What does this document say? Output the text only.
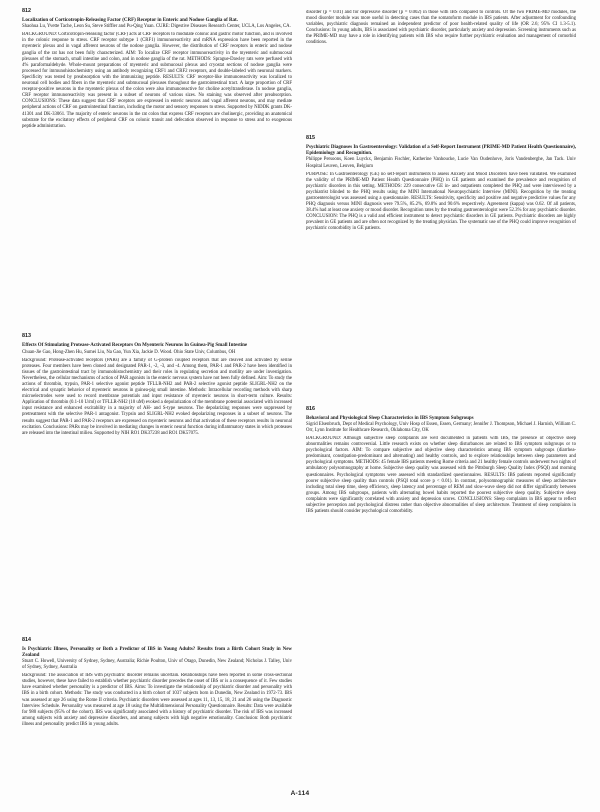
812
Localization of Corticotropin-Releasing Factor (CRF) Receptor in Enteric and Nodose Ganglia of Rat.
Shaohua Lu, Yvette Tache, Leon Su, Steve Stiffler and Pu-Qing Yuan. CURE: Digestive Diseases Research Center, UCLA, Los Angeles, CA.
BACKGROUND: Corticotropin-releasing factor (CRF) acts at CRF receptors to modulate colonic and gastric motor function, and is involved in the colonic response to stress. CRF receptor subtype 1 (CRF1) immunoreactivity and mRNA expression have been reported in the myenteric plexus and in vagal afferent neurons of the nodose ganglia. However, the distribution of CRF receptors in enteric and nodose ganglia of the rat has not been fully characterized. AIM: To localize CRF receptor immunoreactivity in the myenteric and submucosal plexuses of the stomach, small intestine and colon, and in nodose ganglia of the rat. METHODS: Sprague-Dawley rats were perfused with 4% paraformaldehyde. Whole-mount preparations of myenteric and submucosal plexus and cryostat sections of nodose ganglia were processed for immunohistochemistry using an antibody recognizing CRF1 and CRF2 receptors, and double-labeled with neuronal markers. Specificity was tested by preabsorption with the immunizing peptide. RESULTS: CRF receptor-like immunoreactivity was localized to neuronal cell bodies and fibers in the myenteric and submucosal plexuses throughout the gastrointestinal tract. A large proportion of CRF receptor-positive neurons in the myenteric plexus of the colon were also immunoreactive for choline acetyltransferase. In nodose ganglia, CRF receptor immunoreactivity was present in a subset of neurons of various sizes. No staining was observed after preabsorption. CONCLUSIONS: These data suggest that CRF receptors are expressed in enteric neurons and vagal afferent neurons, and may mediate peripheral actions of CRF on gastrointestinal function, including the motor and sensory responses to stress. Supported by NIDDK grants DK-41301 and DK-33061. The majority of enteric neurons in the rat colon that express CRF receptors are cholinergic, providing an anatomical substrate for the excitatory effects of peripheral CRF on colonic transit and defecation observed in response to stress and to exogenous peptide administration.
813
Effects Of Stimulating Protease-Activated Receptors On Myenteric Neurons In Guinea-Pig Small Intestine
Chuan-Jie Gao, Hong-Zhen Hu, Sumei Liu, Na Gao, Yun Xia, Jackie D. Wood. Ohio State Univ, Columbus, OH
Background: Protease-activated receptors (PARs) are a family of G-protein coupled receptors that are cleaved and activated by serine proteases. Four members have been cloned and designated PAR-1, -2, -3, and -4. Among them, PAR-1 and PAR-2 have been identified in tissues of the gastrointestinal tract by immunohistochemistry and their roles in regulating secretion and motility are under investigation. Nevertheless, the cellular mechanisms of action of PAR agonists in the enteric nervous system have not been fully defined. Aim: To study the actions of thrombin, trypsin, PAR-1 selective agonist peptide TFLLR-NH2 and PAR-2 selective agonist peptide SLIGRL-NH2 on the electrical and synaptic behavior of myenteric neurons in guinea-pig small intestine. Methods: Intracellular recording methods with sharp microelectrodes were used to record membrane potentials and input resistance of myenteric neurons in short-term culture. Results: Application of thrombin (0.1-10 U/ml) or TFLLR-NH2 (10 uM) evoked a depolarization of the membrane potential associated with increased input resistance and enhanced excitability in a majority of AH- and S-type neurons. The depolarizing responses were suppressed by pretreatment with the selective PAR-1 antagonist. Trypsin and SLIGRL-NH2 evoked depolarizing responses in a subset of neurons. The results suggest that PAR-1 and PAR-2 receptors are expressed on myenteric neurons and that activation of these receptors results in neuronal excitation. Conclusions: PARs may be involved in mediating changes in enteric neural function during inflammatory states in which proteases are released into the intestinal milieu. Supported by NIH RO1 DK37238 and RO1 DK57075.
814
Is Psychiatric Illness, Personality or Both a Predictor of IBS in Young Adults? Results from a Birth Cohort Study in New Zealand
Stuart C. Howell, University of Sydney, Sydney, Australia; Richie Poulton, Univ of Otago, Dunedin, New Zealand; Nicholas J. Talley, Univ of Sydney, Sydney, Australia
Background: The association of IBS with psychiatric disorder remains uncertain. Relationships have been reported in some cross-sectional studies, however, these have failed to establish whether psychiatric disorder precedes the onset of IBS or is a consequence of it. Few studies have examined whether personality is a predictor of IBS. Aims: To investigate the relationship of psychiatric disorder and personality with IBS in a birth cohort. Methods: The study was conducted in a birth cohort of 1037 subjects born in Dunedin, New Zealand in 1972-73. IBS was assessed at age 26 using the Rome II criteria. Psychiatric disorders were assessed at ages 11, 13, 15, 18, 21 and 26 using the Diagnostic Interview Schedule. Personality was measured at age 18 using the Multidimensional Personality Questionnaire. Results: Data were available for 980 subjects (95% of the cohort). IBS was significantly associated with a history of psychiatric disorder. The risk of IBS was increased among subjects with anxiety and depressive disorders, and among subjects with high negative emotionality. Conclusion: Both psychiatric illness and personality predict IBS in young adults.
disorder (p = 0.01) and for depressive disorder (p = 0.002) in those with IBS compared to controls. Of the two PRIME-MD modules, the mood disorder module was more useful in detecting cases than the somatoform module in IBS patients. After adjustment for confounding variables, psychiatric diagnosis remained an independent predictor of poor health-related quality of life (OR 2.6; 95% CI 1.3-5.1). Conclusions: In young adults, IBS is associated with psychiatric disorder, particularly anxiety and depression. Screening instruments such as the PRIME-MD may have a role in identifying patients with IBS who require further psychiatric evaluation and management of comorbid conditions.
815
Psychiatric Diagnoses In Gastroenterology: Validation of a Self-Report Instrument (PRIME-MD Patient Health Questionnaire), Epidemiology and Recognition.
Philippe Persoons, Koen Luyckx, Benjamin Fischler, Katherine Vanhoucke, Lucie Van Oudenhove, Joris Vandenberghe, Jan Tack. Univ Hospital Leuven, Leuven, Belgium
PURPOSE: In Gastroenterology (GE) no self-report instruments to assess Anxiety and Mood Disorders have been validated. We examined the validity of the PRIME-MD Patient Health Questionnaire (PHQ) in GE patients and examined the prevalence and recognition of psychiatric disorders in this setting. METHODS: 229 consecutive GE in- and outpatients completed the PHQ and were interviewed by a psychiatrist blinded to the PHQ results using the MINI International Neuropsychiatric Interview (MINI). Recognition by the treating gastroenterologist was assessed using a questionnaire. RESULTS: Sensitivity, specificity and positive and negative predictive values for any PHQ diagnosis versus MINI diagnosis were 79.5%, 85.2%, 69.8% and 90.6% respectively. Agreement (kappa) was 0.62. Of all patients, 38.4% had at least one anxiety or mood disorder. Recognition rates by the treating gastroenterologist were 52.3% for any psychiatric disorder. CONCLUSION: The PHQ is a valid and efficient instrument to detect psychiatric disorders in GE patients. Psychiatric disorders are highly prevalent in GE patients and are often not recognized by the treating physician. The systematic use of the PHQ could improve recognition of psychiatric comorbidity in GE patients.
816
Behavioral and Physiological Sleep Characteristics in IBS Symptom Subgroups
Sigrid Elsenbruch, Dept of Medical Psychology, Univ Hosp of Essen, Essen, Germany; Jennifer J. Thompson, Michael J. Harnish, William C. Orr, Lynn Institute for Healthcare Research, Oklahoma City, OK
BACKGROUND: Although subjective sleep complaints are well documented in patients with IBS, the presence of objective sleep abnormalities remains controversial. Little research exists on whether sleep disturbances are related to IBS symptom subgroups or to psychological factors. AIM: To compare subjective and objective sleep characteristics among IBS symptom subgroups (diarrhea-predominant, constipation-predominant and alternating) and healthy controls, and to explore relationships between sleep parameters and psychological symptoms. METHODS: 45 female IBS patients meeting Rome criteria and 21 healthy female controls underwent two nights of ambulatory polysomnography at home. Subjective sleep quality was assessed with the Pittsburgh Sleep Quality Index (PSQI) and morning questionnaires. Psychological symptoms were assessed with standardized questionnaires. RESULTS: IBS patients reported significantly poorer subjective sleep quality than controls (PSQI total score p < 0.01). In contrast, polysomnographic measures of sleep architecture including total sleep time, sleep efficiency, sleep latency and percentage of REM and slow-wave sleep did not differ significantly between groups. Among IBS subgroups, patients with alternating bowel habits reported the poorest subjective sleep quality. Subjective sleep complaints were significantly correlated with anxiety and depression scores. CONCLUSIONS: Sleep complaints in IBS appear to reflect subjective perception and psychological distress rather than objective abnormalities of sleep architecture. Treatment of sleep complaints in IBS patients should consider psychological comorbidity.
A-114
